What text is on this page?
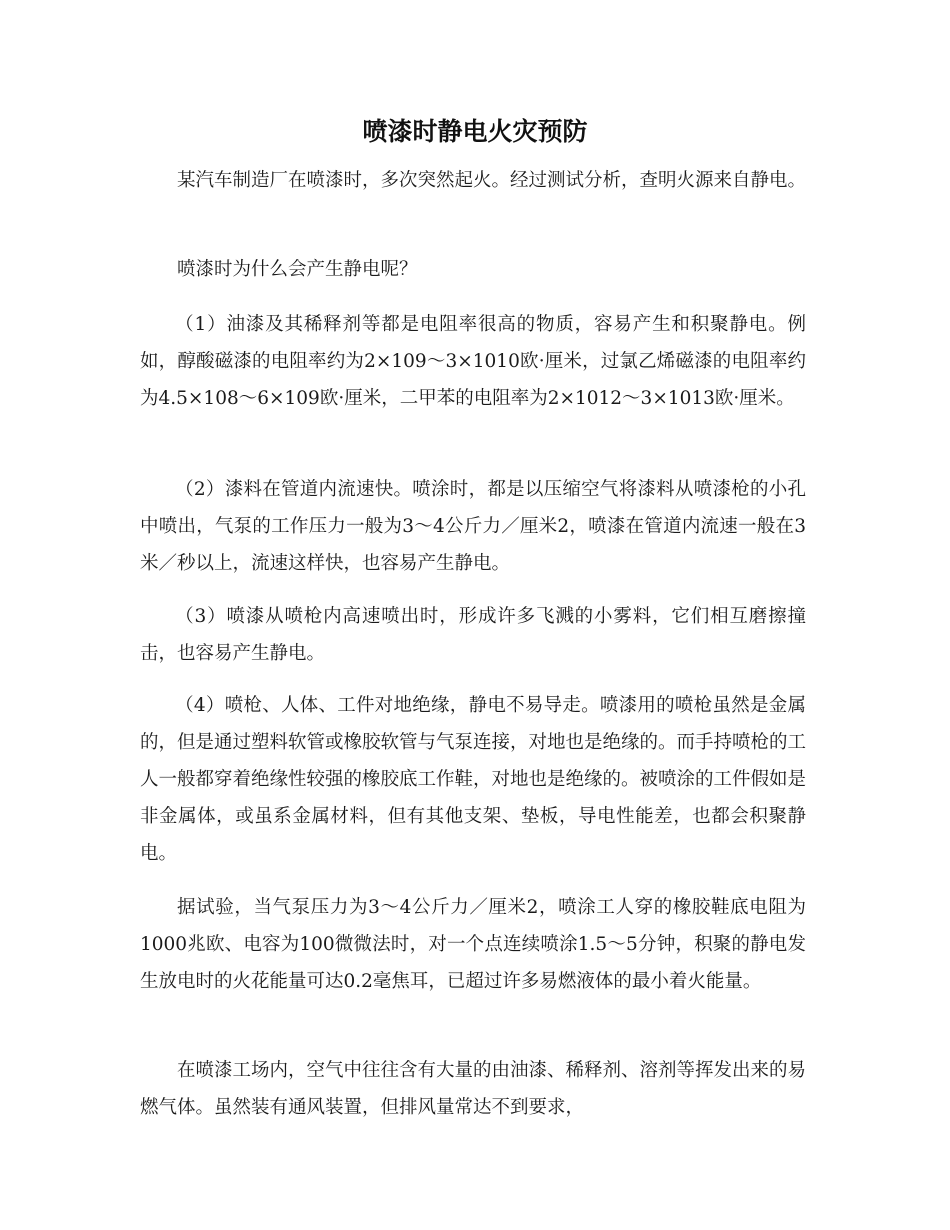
喷漆时静电火灾预防

某汽车制造厂在喷漆时，多次突然起火。经过测试分析，查明火源来自静电。

喷漆时为什么会产生静电呢？

（1）油漆及其稀释剂等都是电阻率很高的物质，容易产生和积聚静电。例如，醇酸磁漆的电阻率约为2×109～3×1010欧·厘米，过氯乙烯磁漆的电阻率约为4.5×108～6×109欧·厘米，二甲苯的电阻率为2×1012～3×1013欧·厘米。

（2）漆料在管道内流速快。喷涂时，都是以压缩空气将漆料从喷漆枪的小孔中喷出，气泵的工作压力一般为3～4公斤力／厘米2，喷漆在管道内流速一般在3米／秒以上，流速这样快，也容易产生静电。

（3）喷漆从喷枪内高速喷出时，形成许多飞溅的小雾料，它们相互磨擦撞击，也容易产生静电。

（4）喷枪、人体、工件对地绝缘，静电不易导走。喷漆用的喷枪虽然是金属的，但是通过塑料软管或橡胶软管与气泵连接，对地也是绝缘的。而手持喷枪的工人一般都穿着绝缘性较强的橡胶底工作鞋，对地也是绝缘的。被喷涂的工件假如是非金属体，或虽系金属材料，但有其他支架、垫板，导电性能差，也都会积聚静电。

据试验，当气泵压力为3～4公斤力／厘米2，喷涂工人穿的橡胶鞋底电阻为1000兆欧、电容为100微微法时，对一个点连续喷涂1.5～5分钟，积聚的静电发生放电时的火花能量可达0.2毫焦耳，已超过许多易燃液体的最小着火能量。

在喷漆工场内，空气中往往含有大量的由油漆、稀释剂、溶剂等挥发出来的易燃气体。虽然装有通风装置，但排风量常达不到要求，
